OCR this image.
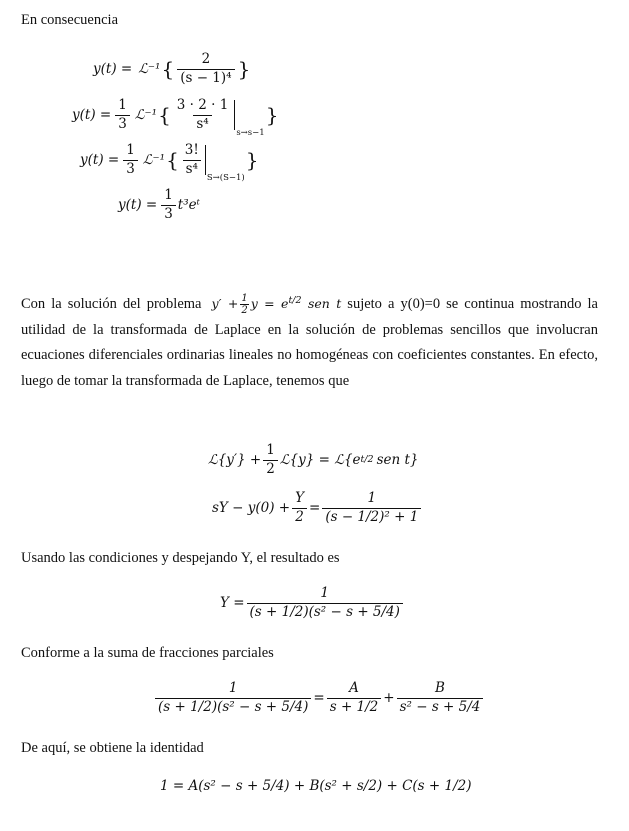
En consecuencia
y(t) = ℒ⁻¹ { $\frac{2}{\text{(s − 1)⁴}}$ }
$y(t) = \frac{1}{3}$ ℒ⁻¹ { $\frac{3 \cdot 2 \cdot 1}{\text{s⁴}}$
s→s−1
}
$y(t) = \frac{1}{3}$ ℒ⁻¹ { $\frac{3!}{\text{s⁴}}$
S→(S−1)
}
$y(t) = \frac{1}{3}$ t³eᵗ
Con la solución del problema $y' + \frac{1}{2}$ $y = e^{t/2}$ sen t sujeto a y(0)=0 se continua mostrando la utilidad de la transformada de Laplace en la solución de problemas sencillos que involucran ecuaciones diferenciales ordinarias lineales no homogéneas con coeficientes constantes. En efecto, luego de tomar la transformada de Laplace, tenemos que
ℒ{y′} + $\frac{1}{2}$ ℒ{y} = ℒ{e t/2 sen t}
sY − $y(0) + \frac{Y}{2} = \frac{1}{\text{(s − 1/2)² + 1}}$
Usando las condiciones y despejando Y, el resultado es
$Y = \frac{1}{\text{(s + 1/2)(s² − s + 5/4)}}$
Conforme a la suma de fracciones parciales
$\frac{1}{\text{(s + 1/2)(s² − s + 5/4)}} = \frac{A}{s + 1/2} + \frac{B}{\text{s² − s + 5/4}}$
De aquí, se obtiene la identidad
1 = A(s² − s + 5/4) + B(s² + s/2) + C(s + 1/2)
